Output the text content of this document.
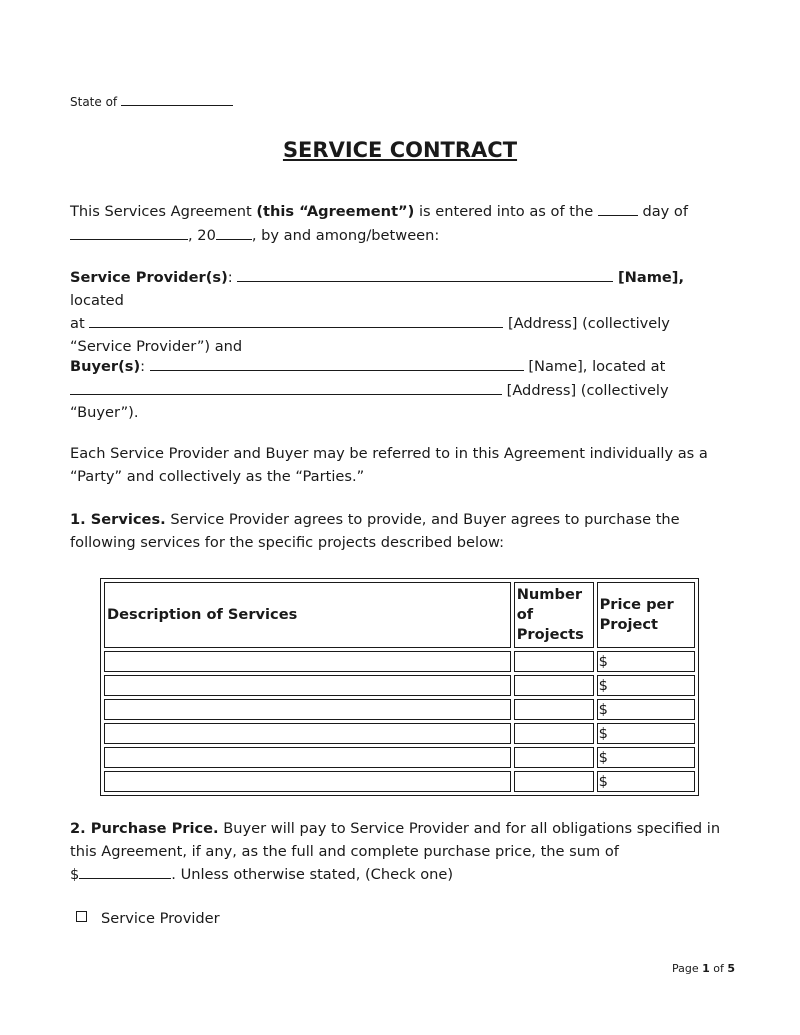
State of

SERVICE CONTRACT

This Services Agreement (this “Agreement”) is entered into as of the	day of
, 20 , by and among/between:

Service Provider(s):	[Name], located
at	[Address] (collectively
“Service Provider”) and

Buyer(s):	[Name], located at
[Address] (collectively
“Buyer”).

Each Service Provider and Buyer may be referred to in this Agreement individually as a “Party” and collectively as the “Parties.”

1. Services. Service Provider agrees to provide, and Buyer agrees to purchase the following services for the specific projects described below:

Description of Services	Number of Projects	Price per Project
		$
		$
		$
		$
		$
		$

2. Purchase Price. Buyer will pay to Service Provider and for all obligations specified in this Agreement, if any, as the full and complete purchase price, the sum of
$	. Unless otherwise stated, (Check one)

Service Provider
Page 1 of 5
